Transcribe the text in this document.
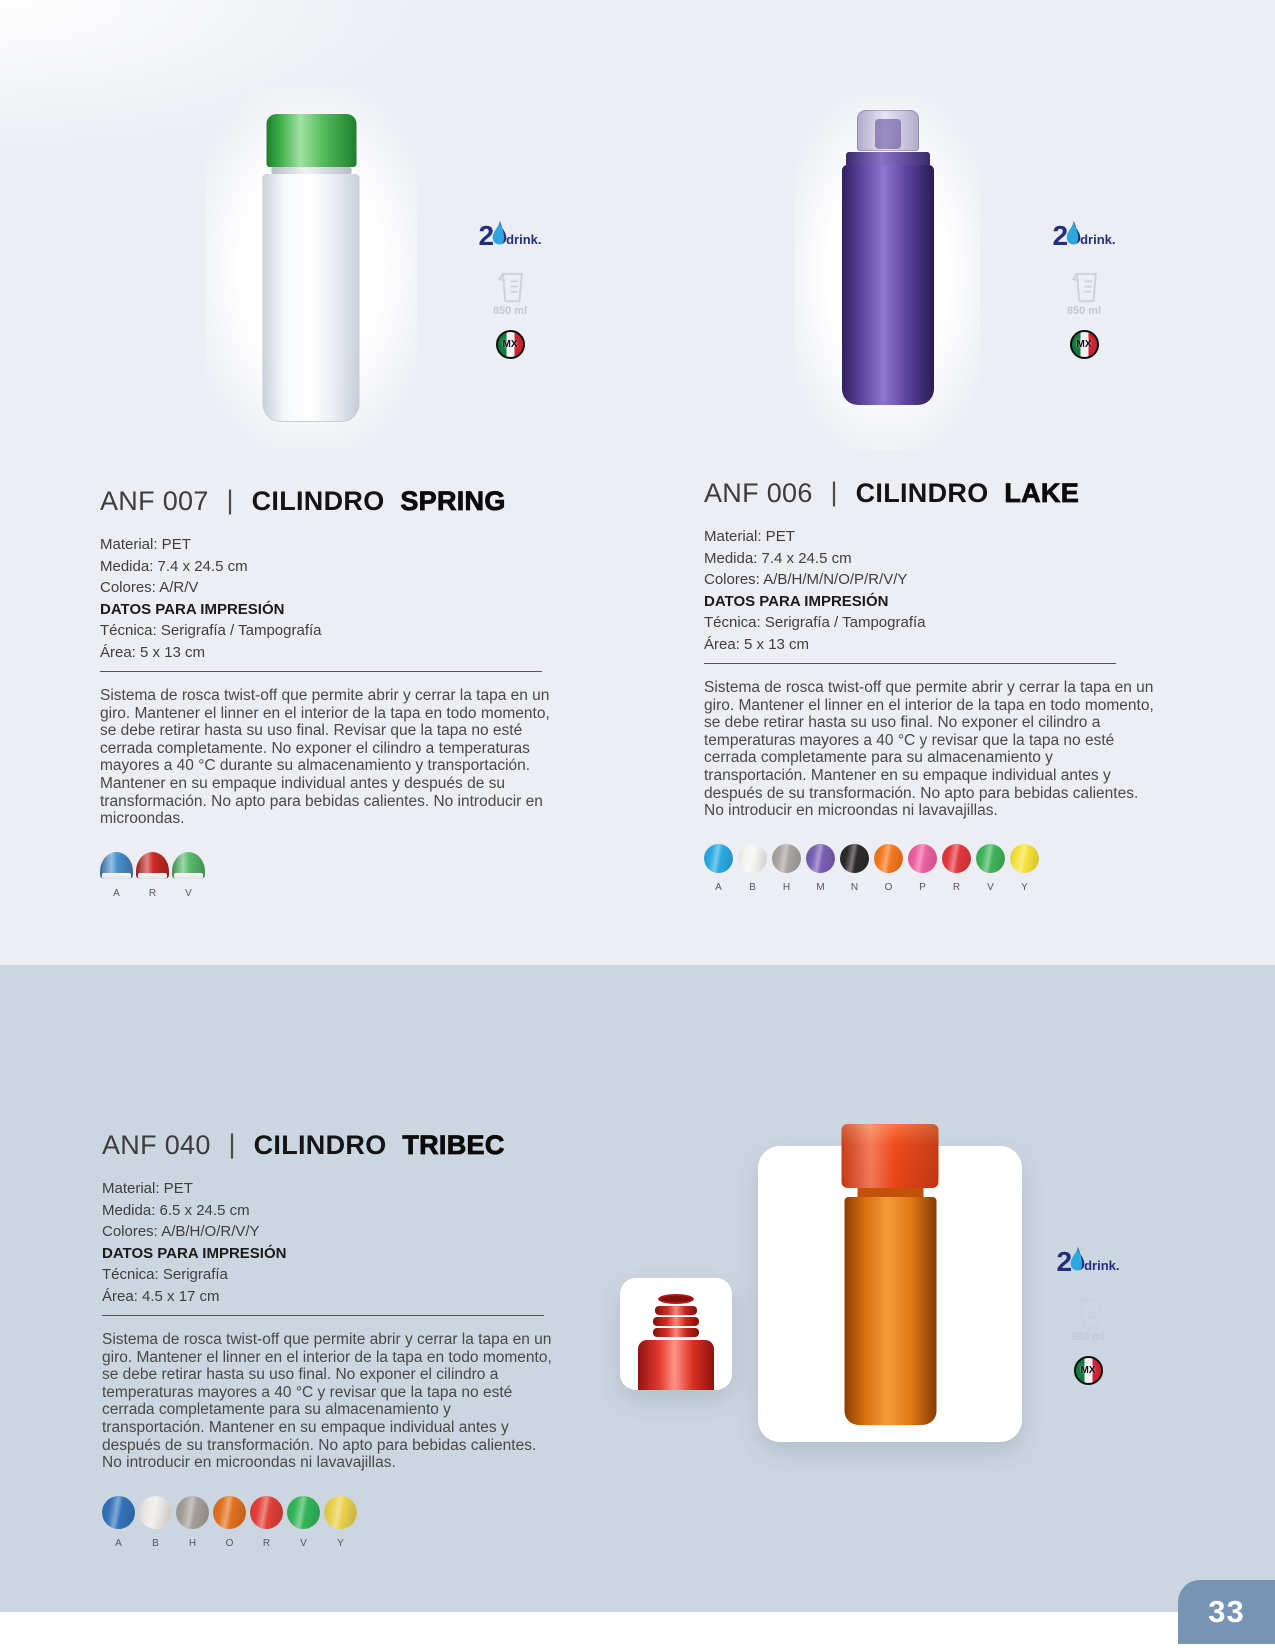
2 drink.
850 ml
MX
ANF 007 | CILINDRO SPRING
Material: PET
Medida: 7.4 x 24.5 cm
Colores: A/R/V
DATOS PARA IMPRESIÓN
Técnica: Serigrafía / Tampografía
Área: 5 x 13 cm

Sistema de rosca twist-off que permite abrir y cerrar la tapa en un giro. Mantener el linner en el interior de la tapa en todo momento, se debe retirar hasta su uso final. Revisar que la tapa no esté cerrada completamente. No exponer el cilindro a temperaturas mayores a 40 °C durante su almacenamiento y transportación. Mantener en su empaque individual antes y después de su transformación. No apto para bebidas calientes. No introducir en microondas.

A	R	V
2 drink.
850 ml
MX
ANF 006 | CILINDRO LAKE
Material: PET
Medida: 7.4 x 24.5 cm
Colores: A/B/H/M/N/O/P/R/V/Y
DATOS PARA IMPRESIÓN
Técnica: Serigrafía / Tampografía
Área: 5 x 13 cm

Sistema de rosca twist-off que permite abrir y cerrar la tapa en un giro. Mantener el linner en el interior de la tapa en todo momento, se debe retirar hasta su uso final. No exponer el cilindro a temperaturas mayores a 40 °C y revisar que la tapa no esté cerrada completamente para su almacenamiento y transportación. Mantener en su empaque individual antes y después de su transformación. No apto para bebidas calientes. No introducir en microondas ni lavavajillas.

A	B	H	M	N	O	P	R	V	Y
2 drink.
960 ml
MX
ANF 040 | CILINDRO TRIBEC
Material: PET
Medida: 6.5 x 24.5 cm
Colores: A/B/H/O/R/V/Y
DATOS PARA IMPRESIÓN
Técnica: Serigrafía
Área: 4.5 x 17 cm

Sistema de rosca twist-off que permite abrir y cerrar la tapa en un giro. Mantener el linner en el interior de la tapa en todo momento, se debe retirar hasta su uso final. No exponer el cilindro a temperaturas mayores a 40 °C y revisar que la tapa no esté cerrada completamente para su almacenamiento y transportación. Mantener en su empaque individual antes y después de su transformación. No apto para bebidas calientes. No introducir en microondas ni lavavajillas.

A	B	H	O	R	V	Y
33
